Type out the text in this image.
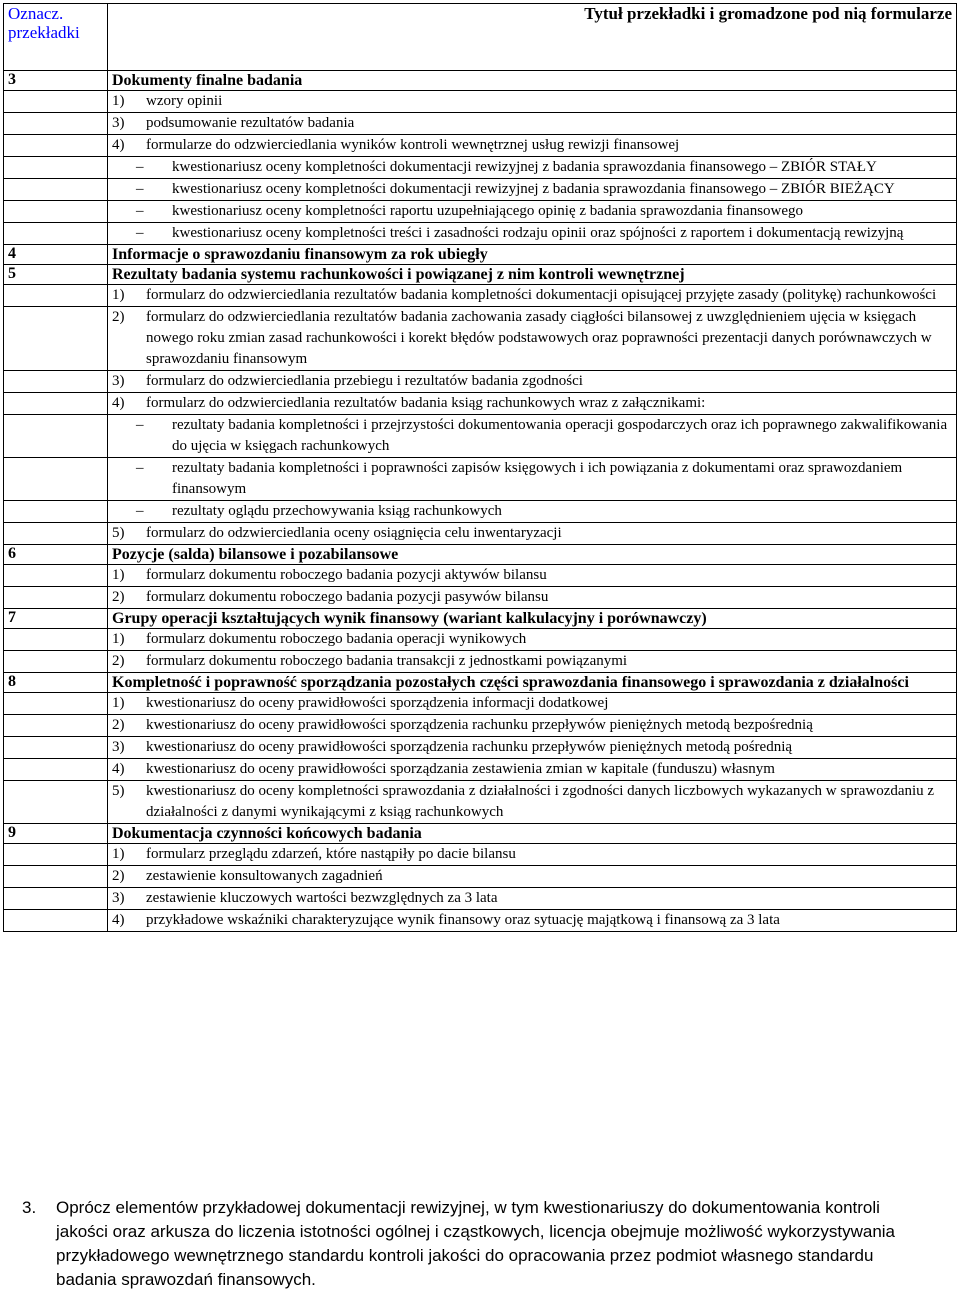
Oznacz. przekładki	Tytuł przekładki i gromadzone pod nią formularze
3	Dokumenty finalne badania

	1) wzory opinii

	3) podsumowanie rezultatów badania

	4) formularze do odzwierciedlania wyników kontroli wewnętrznej usług rewizji finansowej

	– kwestionariusz oceny kompletności dokumentacji rewizyjnej z badania sprawozdania finansowego – ZBIÓR STAŁY

	– kwestionariusz oceny kompletności dokumentacji rewizyjnej z badania sprawozdania finansowego – ZBIÓR BIEŻĄCY

	– kwestionariusz oceny kompletności raportu uzupełniającego opinię z badania sprawozdania finansowego

	– kwestionariusz oceny kompletności treści i zasadności rodzaju opinii oraz spójności z raportem i dokumentacją rewizyjną

4	Informacje o sprawozdaniu finansowym za rok ubiegły
5	Rezultaty badania systemu rachunkowości i powiązanej z nim kontroli wewnętrznej

	1) formularz do odzwierciedlania rezultatów badania kompletności dokumentacji opisującej przyjęte zasady (politykę) rachunkowości

	2) formularz do odzwierciedlania rezultatów badania zachowania zasady ciągłości bilansowej z uwzględnieniem ujęcia w księgach nowego roku zmian zasad rachunkowości i korekt błędów podstawowych oraz poprawności prezentacji danych porównawczych w sprawozdaniu finansowym

	3) formularz do odzwierciedlania przebiegu i rezultatów badania zgodności

	4) formularz do odzwierciedlania rezultatów badania ksiąg rachunkowych wraz z załącznikami:

	– rezultaty badania kompletności i przejrzystości dokumentowania operacji gospodarczych oraz ich poprawnego zakwalifikowania do ujęcia w księgach rachunkowych

	– rezultaty badania kompletności i poprawności zapisów księgowych i ich powiązania z dokumentami oraz sprawozdaniem finansowym

	– rezultaty oglądu przechowywania ksiąg rachunkowych

	5) formularz do odzwierciedlania oceny osiągnięcia celu inwentaryzacji

6	Pozycje (salda) bilansowe i pozabilansowe

	1) formularz dokumentu roboczego badania pozycji aktywów bilansu

	2) formularz dokumentu roboczego badania pozycji pasywów bilansu

7	Grupy operacji kształtujących wynik finansowy (wariant kalkulacyjny i porównawczy)

	1) formularz dokumentu roboczego badania operacji wynikowych

	2) formularz dokumentu roboczego badania transakcji z jednostkami powiązanymi

8	Kompletność i poprawność sporządzania pozostałych części sprawozdania finansowego i sprawozdania z działalności

	1) kwestionariusz do oceny prawidłowości sporządzenia informacji dodatkowej

	2) kwestionariusz do oceny prawidłowości sporządzenia rachunku przepływów pieniężnych metodą bezpośrednią

	3) kwestionariusz do oceny prawidłowości sporządzenia rachunku przepływów pieniężnych metodą pośrednią

	4) kwestionariusz do oceny prawidłowości sporządzania zestawienia zmian w kapitale (funduszu) własnym

	5) kwestionariusz do oceny kompletności sprawozdania z działalności i zgodności danych liczbowych wykazanych w sprawozdaniu z działalności z danymi wynikającymi z ksiąg rachunkowych

9	Dokumentacja czynności końcowych badania

	1) formularz przeglądu zdarzeń, które nastąpiły po dacie bilansu

	2) zestawienie konsultowanych zagadnień

	3) zestawienie kluczowych wartości bezwzględnych za 3 lata

	4) przykładowe wskaźniki charakteryzujące wynik finansowy oraz sytuację majątkową i finansową za 3 lata
3. Oprócz elementów przykładowej dokumentacji rewizyjnej, w tym kwestionariuszy do dokumentowania kontroli jakości oraz arkusza do liczenia istotności ogólnej i cząstkowych, licencja obejmuje możliwość wykorzystywania przykładowego wewnętrznego standardu kontroli jakości do opracowania przez podmiot własnego standardu badania sprawozdań finansowych.
